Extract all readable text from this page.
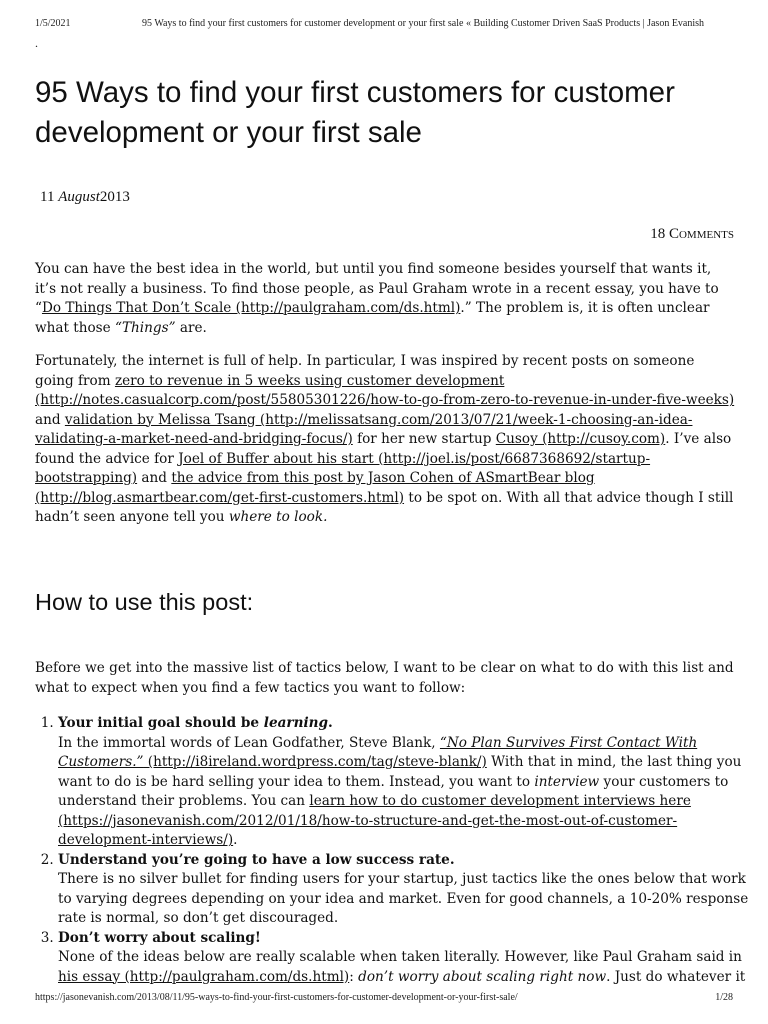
1/5/2021	95 Ways to find your first customers for customer development or your first sale « Building Customer Driven SaaS Products | Jason Evanish
.
95 Ways to find your first customers for customer development or your first sale
11 August2013
18 Comments

You can have the best idea in the world, but until you find someone besides yourself that wants it, it’s not really a business. To find those people, as Paul Graham wrote in a recent essay, you have to “Do Things That Don’t Scale (http://paulgraham.com/ds.html).” The problem is, it is often unclear what those “Things” are.

Fortunately, the internet is full of help. In particular, I was inspired by recent posts on someone going from zero to revenue in 5 weeks using customer development (http://notes.casualcorp.com/post/55805301226/how-to-go-from-zero-to-revenue-in-under-five-weeks) and validation by Melissa Tsang (http://melissatsang.com/2013/07/21/week-1-choosing-an-idea-validating-a-market-need-and-bridging-focus/) for her new startup Cusoy (http://cusoy.com). I’ve also found the advice for Joel of Buffer about his start (http://joel.is/post/6687368692/startup-bootstrapping) and the advice from this post by Jason Cohen of ASmartBear blog (http://blog.asmartbear.com/get-first-customers.html) to be spot on. With all that advice though I still hadn’t seen anyone tell you where to look.

How to use this post:

Before we get into the massive list of tactics below, I want to be clear on what to do with this list and what to expect when you find a few tactics you want to follow:

1. Your initial goal should be learning.
In the immortal words of Lean Godfather, Steve Blank, “No Plan Survives First Contact With Customers.” (http://i8ireland.wordpress.com/tag/steve-blank/) With that in mind, the last thing you want to do is be hard selling your idea to them. Instead, you want to interview your customers to understand their problems. You can learn how to do customer development interviews here (https://jasonevanish.com/2012/01/18/how-to-structure-and-get-the-most-out-of-customer-development-interviews/).
2. Understand you’re going to have a low success rate.
There is no silver bullet for finding users for your startup, just tactics like the ones below that work to varying degrees depending on your idea and market. Even for good channels, a 10-20% response rate is normal, so don’t get discouraged.
3. Don’t worry about scaling!
None of the ideas below are really scalable when taken literally. However, like Paul Graham said in his essay (http://paulgraham.com/ds.html): don’t worry about scaling right now. Just do whatever it
https://jasonevanish.com/2013/08/11/95-ways-to-find-your-first-customers-for-customer-development-or-your-first-sale/	1/28
